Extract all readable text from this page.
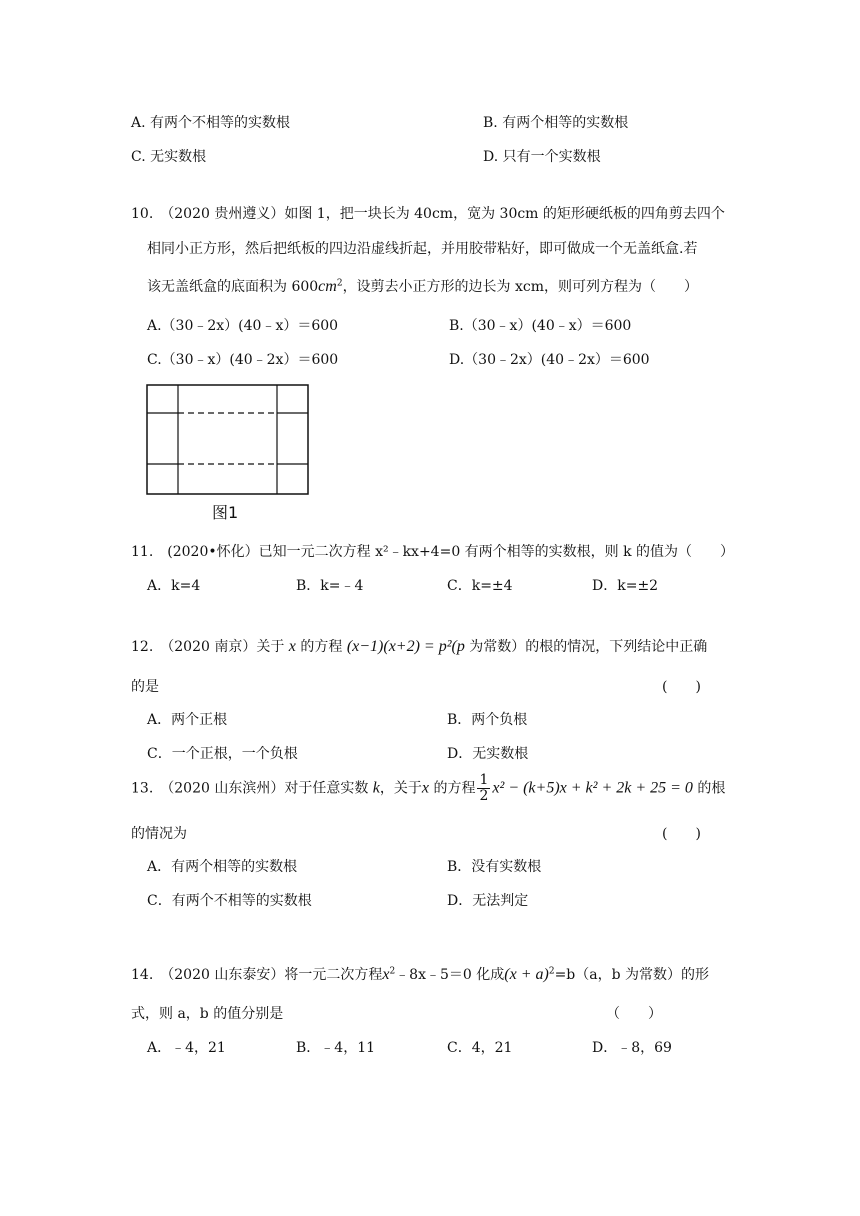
A. 有两个不相等的实数根	B. 有两个相等的实数根
C. 无实数根	D. 只有一个实数根
10.　（2020 贵州遵义）如图 1，把一块长为 40cm，宽为 30cm 的矩形硬纸板的四角剪去四个
相同小正方形，然后把纸板的四边沿虚线折起，并用胶带粘好，即可做成一个无盖纸盒.若
该无盖纸盒的底面积为 $600cm^2$，设剪去小正方形的边长为 xcm，则可列方程为（　　）
A.（30﹣2x）(40﹣x）＝600	B.（30﹣x）(40﹣x）＝600
C.（30﹣x）(40﹣2x）＝600	D.（30﹣2x）(40﹣2x）＝600
图1
11.　(2020•怀化）已知一元二次方程 x²﹣kx+4=0 有两个相等的实数根，则 k 的值为（　　）
A．k=4	B．k=﹣4	C．k=±4	D．k=±2
12.　（2020 南京）关于 x 的方程 (x−1)(x+2) = p²(p 为常数）的根的情况，下列结论中正确
的是	(　　)
A．两个正根	B．两个负根
C．一个正根，一个负根	D．无实数根
13.　（2020 山东滨州）对于任意实数 k，关于x 的方程 $\frac{1}{2} x^2 - (k+5)x + k^2 + 2k + 25 = 0$ 的根
的情况为	(　　)
A．有两个相等的实数根	B．没有实数根
C．有两个不相等的实数根	D．无法判定
14.　（2020 山东泰安）将一元二次方程$x^2﹣8x﹣5=0$ 化成$(x + a)^2=b(a$，b 为常数）的形
式，则 a，b 的值分别是	（　　）
A．﹣4，21	B．﹣4，11	C．4，21	D．﹣8，69
